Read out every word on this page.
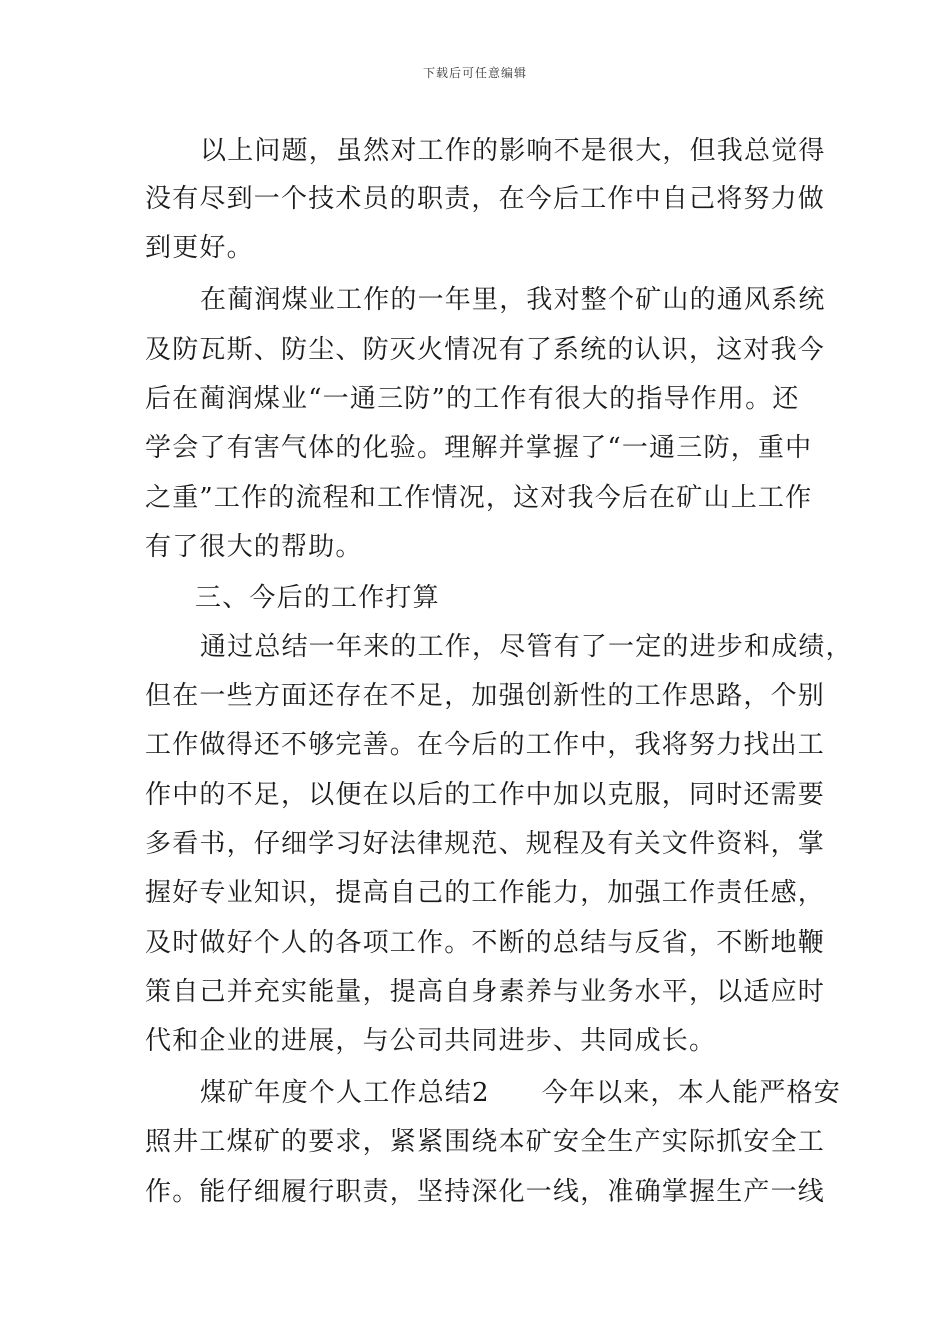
下载后可任意编辑
以上问题，虽然对工作的影响不是很大，但我总觉得
没有尽到一个技术员的职责，在今后工作中自己将努力做
到更好。
在蔺润煤业工作的一年里，我对整个矿山的通风系统
及防瓦斯、防尘、防灭火情况有了系统的认识，这对我今
后在蔺润煤业“一通三防”的工作有很大的指导作用。还
学会了有害气体的化验。理解并掌握了“一通三防，重中
之重”工作的流程和工作情况，这对我今后在矿山上工作
有了很大的帮助。
三、今后的工作打算
通过总结一年来的工作，尽管有了一定的进步和成绩，
但在一些方面还存在不足，加强创新性的工作思路，个别
工作做得还不够完善。在今后的工作中，我将努力找出工
作中的不足，以便在以后的工作中加以克服，同时还需要
多看书，仔细学习好法律规范、规程及有关文件资料，掌
握好专业知识，提高自己的工作能力，加强工作责任感，
及时做好个人的各项工作。不断的总结与反省，不断地鞭
策自己并充实能量，提高自身素养与业务水平，以适应时
代和企业的进展，与公司共同进步、共同成长。
煤矿年度个人工作总结2 今年以来，本人能严格安
照井工煤矿的要求，紧紧围绕本矿安全生产实际抓安全工
作。能仔细履行职责，坚持深化一线，准确掌握生产一线
